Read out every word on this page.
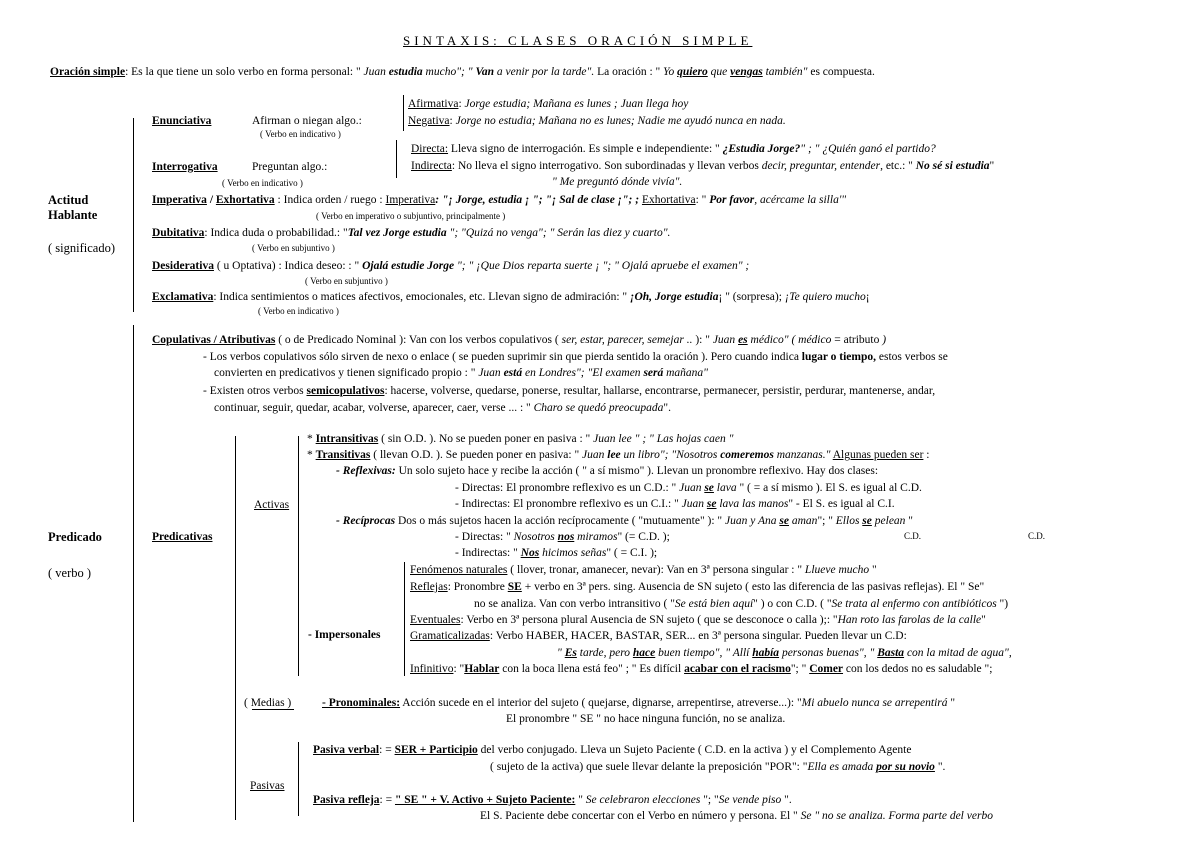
SINTAXIS: CLASES ORACIÓN SIMPLE
Oración simple: Es la que tiene un solo verbo en forma personal: " Juan estudia mucho"; " Van a venir por la tarde". La oración : " Yo quiero que vengas también" es compuesta.
Actitud
Hablante
( significado)
Enunciativa	Afirman o niegan algo.:
( Verbo en indicativo )
Afirmativa: Jorge estudia; Mañana es lunes ; Juan llega hoy
Negativa: Jorge no estudia; Mañana no es lunes; Nadie me ayudó nunca en nada.
Interrogativa	Preguntan algo.:
( Verbo en indicativo )
Directa: Lleva signo de interrogación. Es simple e independiente: " ¿Estudia Jorge?" ; " ¿Quién ganó el partido?
Indirecta: No lleva el signo interrogativo. Son subordinadas y llevan verbos decir, preguntar, entender, etc.: " No sé si estudia"
" Me preguntó dónde vivía".
Imperativa / Exhortativa : Indica orden / ruego : Imperativa: "¡ Jorge, estudia ¡ "; "¡ Sal de clase ¡"; ; Exhortativa: " Por favor, acércame la silla'"
( Verbo en imperativo o subjuntivo, principalmente )
Dubitativa: Indica duda o probabilidad.: "Tal vez Jorge estudia "; "Quizá no venga"; " Serán las diez y cuarto".
( Verbo en subjuntivo )
Desiderativa ( u Optativa) : Indica deseo: : " Ojalá estudie Jorge "; " ¡Que Dios reparta suerte ¡ "; " Ojalá apruebe el examen" ;
( Verbo en subjuntivo )
Exclamativa: Indica sentimientos o matices afectivos, emocionales, etc. Llevan signo de admiración: " ¡Oh, Jorge estudia¡ " (sorpresa); ¡Te quiero mucho¡
( Verbo en indicativo )
Predicado
( verbo )
Copulativas / Atributivas ( o de Predicado Nominal ): Van con los verbos copulativos ( ser, estar, parecer, semejar .. ): " Juan es médico" ( médico = atributo )
- Los verbos copulativos sólo sirven de nexo o enlace ( se pueden suprimir sin que pierda sentido la oración ). Pero cuando indica lugar o tiempo, estos verbos se
convierten en predicativos y tienen significado propio : " Juan está en Londres"; "El examen será mañana"
- Existen otros verbos semicopulativos: hacerse, volverse, quedarse, ponerse, resultar, hallarse, encontrarse, permanecer, persistir, perdurar, mantenerse, andar,
continuar, seguir, quedar, acabar, volverse, aparecer, caer, verse ... : " Charo se quedó preocupada".
Predicativas
Activas
* Intransitivas ( sin O.D. ). No se pueden poner en pasiva : " Juan lee " ; " Las hojas caen "
* Transitivas ( llevan O.D. ). Se pueden poner en pasiva: " Juan lee un libro"; "Nosotros comeremos manzanas." Algunas pueden ser :
- Reflexivas: Un solo sujeto hace y recibe la acción ( " a sí mismo" ). Llevan un pronombre reflexivo. Hay dos clases:
- Directas: El pronombre reflexivo es un C.D.: " Juan se lava " ( = a sí mismo ). El S. es igual al C.D.
- Indirectas: El pronombre reflexivo es un C.I.: " Juan se lava las manos" - El S. es igual al C.I.
- Recíprocas Dos o más sujetos hacen la acción recíprocamente ( "mutuamente" ): " Juan y Ana se aman"; " Ellos se pelean "
C.D.	C.D.
- Directas: " Nosotros nos miramos" (= C.D. );
- Indirectas: " Nos hicimos señas" ( = C.I. );
- Impersonales
Fenómenos naturales ( llover, tronar, amanecer, nevar): Van en 3ª persona singular : " Llueve mucho "
Reflejas: Pronombre SE + verbo en 3ª pers. sing. Ausencia de SN sujeto ( esto las diferencia de las pasivas reflejas). El " Se"
no se analiza. Van con verbo intransitivo ( "Se está bien aquí" ) o con C.D. ( "Se trata al enfermo con antibióticos ")
Eventuales: Verbo en 3ª persona plural Ausencia de SN sujeto ( que se desconoce o calla );: "Han roto las farolas de la calle"
Gramaticalizadas: Verbo HABER, HACER, BASTAR, SER... en 3ª persona singular. Pueden llevar un C.D:
" Es tarde, pero hace buen tiempo", " Allí había personas buenas", " Basta con la mitad de agua",
Infinitivo: "Hablar con la boca llena está feo" ; " Es difícil acabar con el racismo"; " Comer con los dedos no es saludable ";
( Medias )	- Pronominales: Acción sucede en el interior del sujeto ( quejarse, dignarse, arrepentirse, atreverse...): "Mi abuelo nunca se arrepentirá "
El pronombre " SE " no hace ninguna función, no se analiza.
Pasivas
Pasiva verbal: = SER + Participio del verbo conjugado. Lleva un Sujeto Paciente ( C.D. en la activa ) y el Complemento Agente
( sujeto de la activa) que suele llevar delante la preposición "POR": "Ella es amada por su novio ".
Pasiva refleja: = " SE " + V. Activo + Sujeto Paciente: " Se celebraron elecciones "; "Se vende piso ".
El S. Paciente debe concertar con el Verbo en número y persona. El " Se " no se analiza. Forma parte del verbo
